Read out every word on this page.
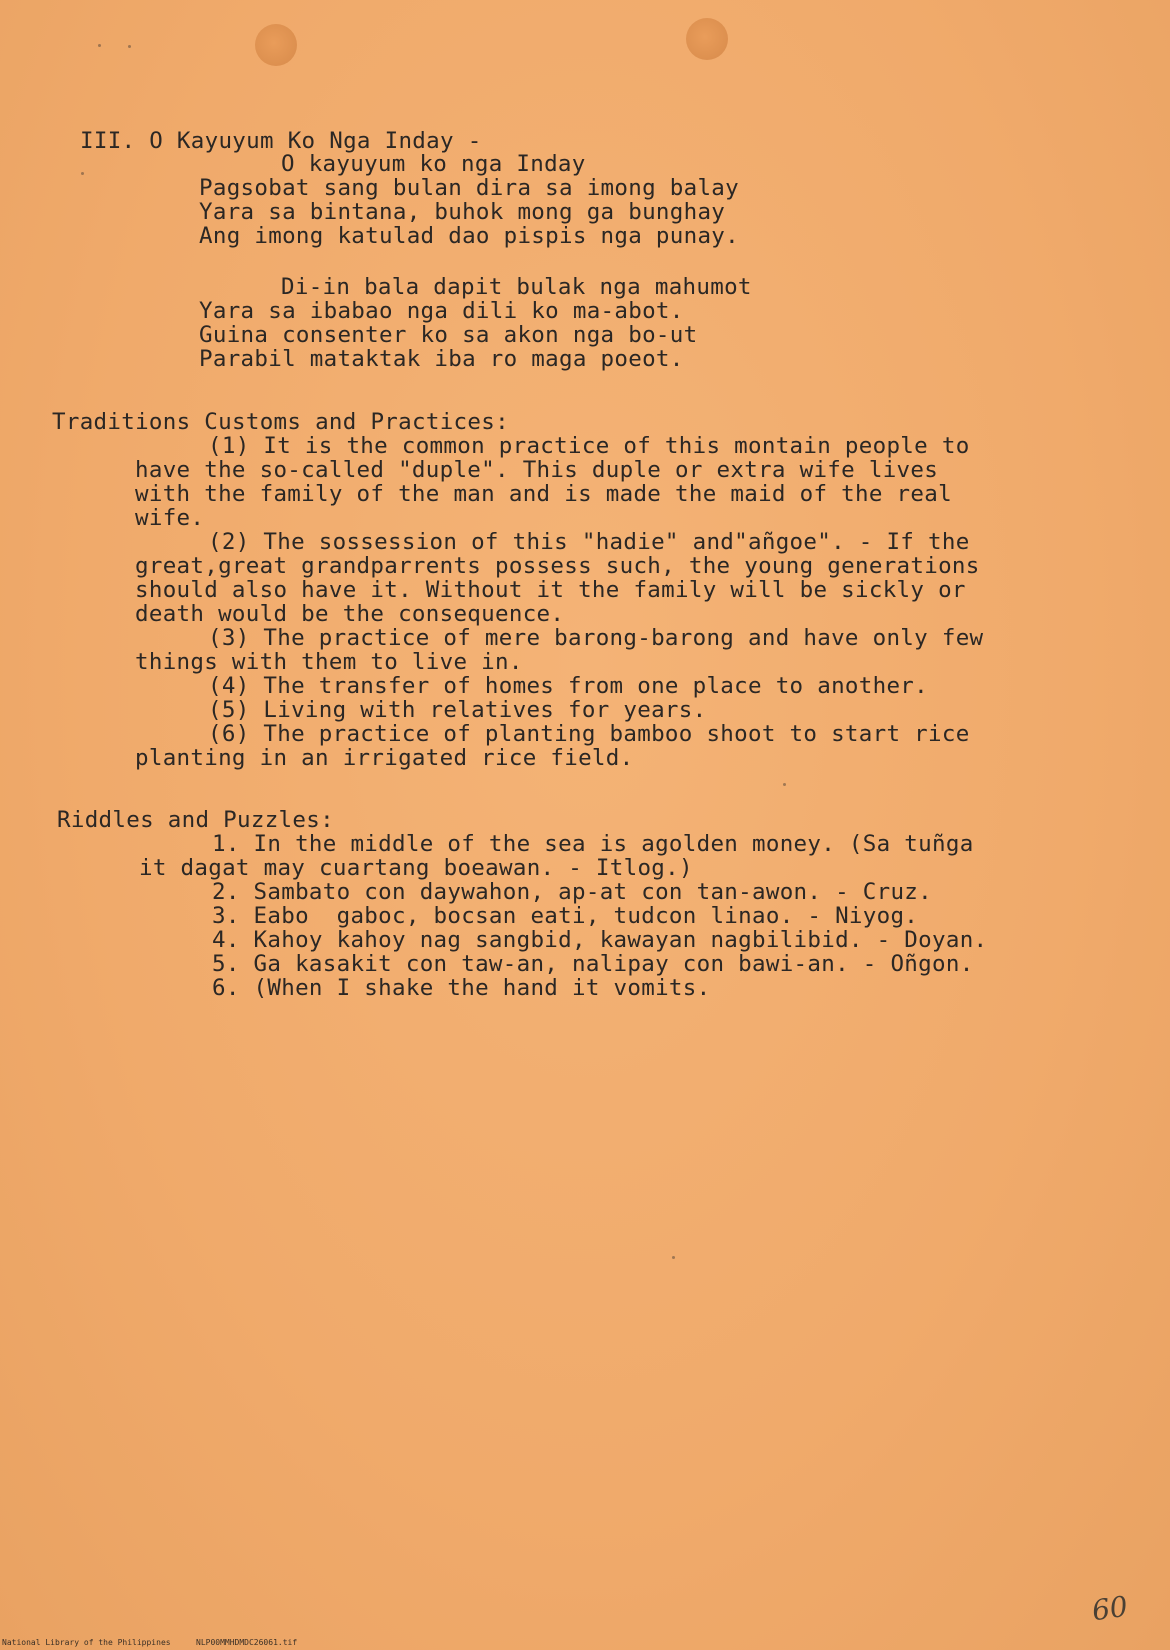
III. O Kayuyum Ko Nga Inday -
O kayuyum ko nga Inday
Pagsobat sang bulan dira sa imong balay
Yara sa bintana, buhok mong ga bunghay
Ang imong katulad dao pispis nga punay.
Di-in bala dapit bulak nga mahumot
Yara sa ibabao nga dili ko ma-abot.
Guina consenter ko sa akon nga bo-ut
Parabil mataktak iba ro maga poeot.
Traditions Customs and Practices:
(1) It is the common practice of this montain people to
have the so-called "duple". This duple or extra wife lives
with the family of the man and is made the maid of the real
wife.
(2) The sossession of this "hadie" and"añgoe". - If the
great,great grandparrents possess such, the young generations
should also have it. Without it the family will be sickly or
death would be the consequence.
(3) The practice of mere barong-barong and have only few
things with them to live in.
(4) The transfer of homes from one place to another.
(5) Living with relatives for years.
(6) The practice of planting bamboo shoot to start rice
planting in an irrigated rice field.
Riddles and Puzzles:
1. In the middle of the sea is agolden money. (Sa tuñga
it dagat may cuartang boeawan. - Itlog.)
2. Sambato con daywahon, ap-at con tan-awon. - Cruz.
3. Eabo  gaboc, bocsan eati, tudcon linao. - Niyog.
4. Kahoy kahoy nag sangbid, kawayan nagbilibid. - Doyan.
5. Ga kasakit con taw-an, nalipay con bawi-an. - Oñgon.
6. (When I shake the hand it vomits.
60
National Library of the Philippines	NLP00MMHDMDC26061.tif
